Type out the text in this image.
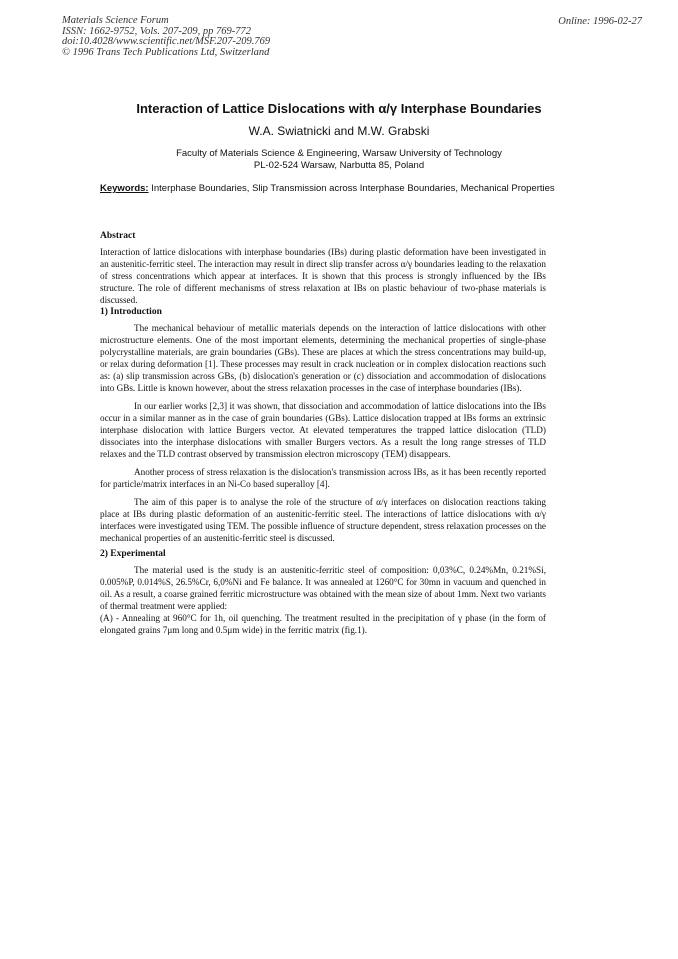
Materials Science Forum
ISSN: 1662-9752, Vols. 207-209, pp 769-772
doi:10.4028/www.scientific.net/MSF.207-209.769
© 1996 Trans Tech Publications Ltd, Switzerland
Online: 1996-02-27
Interaction of Lattice Dislocations with α/γ Interphase Boundaries
W.A. Swiatnicki and M.W. Grabski
Faculty of Materials Science & Engineering, Warsaw University of Technology
PL-02-524 Warsaw, Narbutta 85, Poland
Keywords: Interphase Boundaries, Slip Transmission across Interphase Boundaries, Mechanical Properties
Abstract

Interaction of lattice dislocations with interphase boundaries (IBs) during plastic deformation have been investigated in an austenitic-ferritic steel. The interaction may result in direct slip transfer across α/γ boundaries leading to the relaxation of stress concentrations which appear at interfaces. It is shown that this process is strongly influenced by the IBs structure. The role of different mechanisms of stress relaxation at IBs on plastic behaviour of two-phase materials is discussed.

1) Introduction

The mechanical behaviour of metallic materials depends on the interaction of lattice dislocations with other microstructure elements. One of the most important elements, determining the mechanical properties of single-phase polycrystalline materials, are grain boundaries (GBs). These are places at which the stress concentrations may build-up, or relax during deformation [1]. These processes may result in crack nucleation or in complex dislocation reactions such as: (a) slip transmission across GBs, (b) dislocation's generation or (c) dissociation and accommodation of dislocations into GBs. Little is known however, about the stress relaxation processes in the case of interphase boundaries (IBs).

In our earlier works [2,3] it was shown, that dissociation and accommodation of lattice dislocations into the IBs occur in a similar manner as in the case of grain boundaries (GBs). Lattice dislocation trapped at IBs forms an extrinsic interphase dislocation with lattice Burgers vector. At elevated temperatures the trapped lattice dislocation (TLD) dissociates into the interphase dislocations with smaller Burgers vectors. As a result the long range stresses of TLD relaxes and the TLD contrast observed by transmission electron microscopy (TEM) disappears.

Another process of stress relaxation is the dislocation's transmission across IBs, as it has been recently reported for particle/matrix interfaces in an Ni-Co based superalloy [4].

The aim of this paper is to analyse the role of the structure of α/γ interfaces on dislocation reactions taking place at IBs during plastic deformation of an austenitic-ferritic steel. The interactions of lattice dislocations with α/γ interfaces were investigated using TEM. The possible influence of structure dependent, stress relaxation processes on the mechanical properties of an austenitic-ferritic steel is discussed.

2) Experimental

The material used is the study is an austenitic-ferritic steel of composition: 0,03%C, 0.24%Mn, 0.21%Si, 0.005%P, 0.014%S, 26.5%Cr, 6,0%Ni and Fe balance. It was annealed at 1260°C for 30mn in vacuum and quenched in oil. As a result, a coarse grained ferritic microstructure was obtained with the mean size of about 1mm. Next two variants of thermal treatment were applied:

(A) - Annealing at 960°C for 1h, oil quenching. The treatment resulted in the precipitation of γ phase (in the form of elongated grains 7μm long and 0.5μm wide) in the ferritic matrix (fig.1).
